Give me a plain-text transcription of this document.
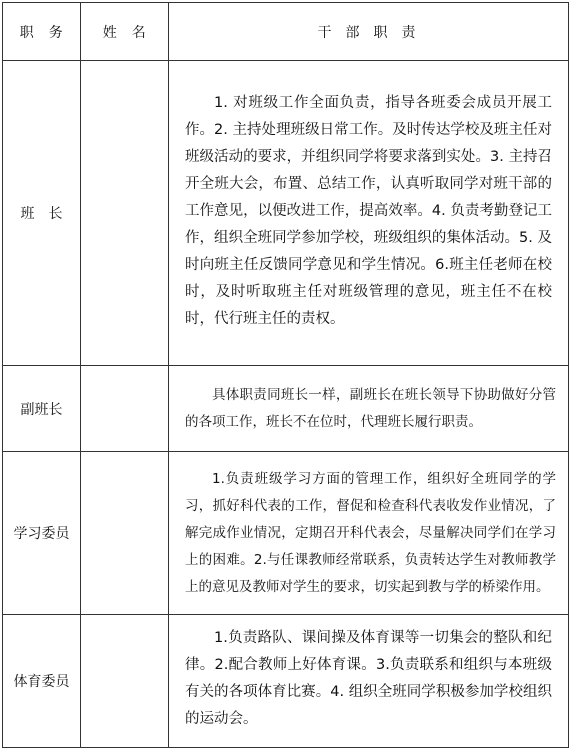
职　务	姓　名	干部职责
班　长		1. 对班级工作全面负责，指导各班委会成员开展工作。2. 主持处理班级日常工作。及时传达学校及班主任对班级活动的要求，并组织同学将要求落到实处。3. 主持召开全班大会，布置、总结工作，认真听取同学对班干部的工作意见，以便改进工作，提高效率。4. 负责考勤登记工作，组织全班同学参加学校，班级组织的集体活动。5. 及时向班主任反馈同学意见和学生情况。6.班主任老师在校时，及时听取班主任对班级管理的意见，班主任不在校时，代行班主任的责权。

副班长		具体职责同班长一样，副班长在班长领导下协助做好分管的各项工作，班长不在位时，代理班长履行职责。

学习委员		1.负责班级学习方面的管理工作，组织好全班同学的学习，抓好科代表的工作，督促和检查科代表收发作业情况，了解完成作业情况，定期召开科代表会，尽量解决同学们在学习上的困难。2.与任课教师经常联系，负责转达学生对教师教学上的意见及教师对学生的要求，切实起到教与学的桥梁作用。

体育委员		1.负责路队、课间操及体育课等一切集会的整队和纪律。2.配合教师上好体育课。3.负责联系和组织与本班级有关的各项体育比赛。4. 组织全班同学积极参加学校组织的运动会。
